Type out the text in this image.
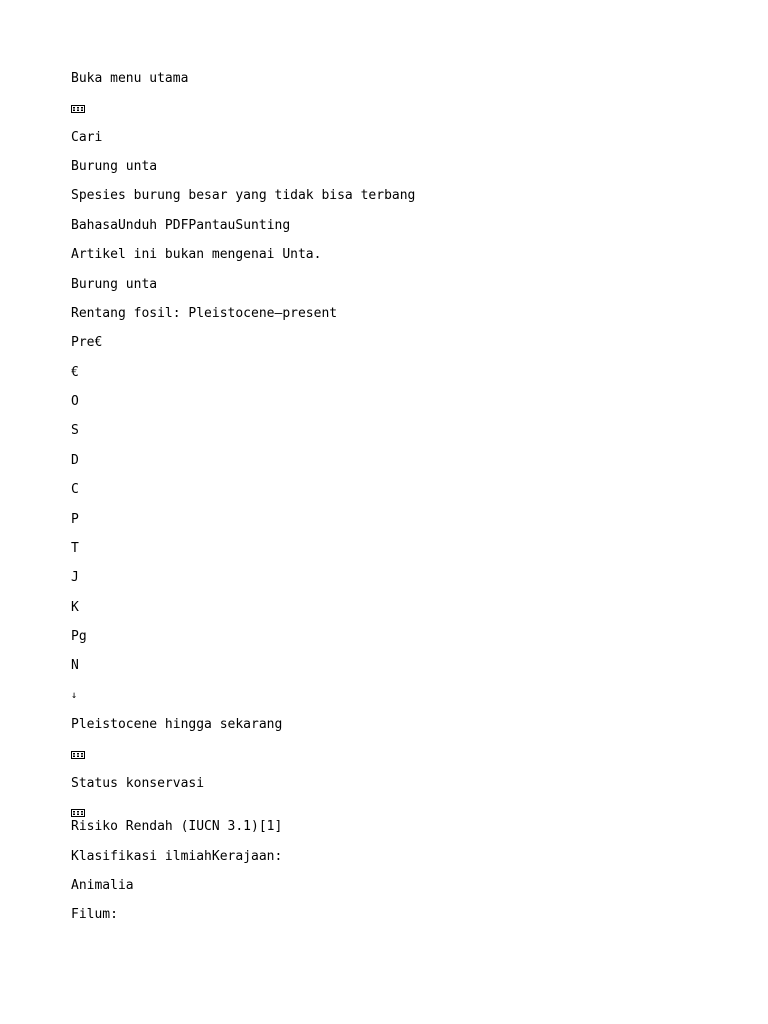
Buka menu utama
Cari
Burung unta
Spesies burung besar yang tidak bisa terbang
BahasaUnduh PDFPantauSunting
Artikel ini bukan mengenai Unta.
Burung unta
Rentang fosil: Pleistocene–present
Pre€
€
O
S
D
C
P
T
J
K
Pg
N
↓
Pleistocene hingga sekarang
Status konservasi
Risiko Rendah (IUCN 3.1)[1]
Klasifikasi ilmiahKerajaan:
Animalia
Filum:
